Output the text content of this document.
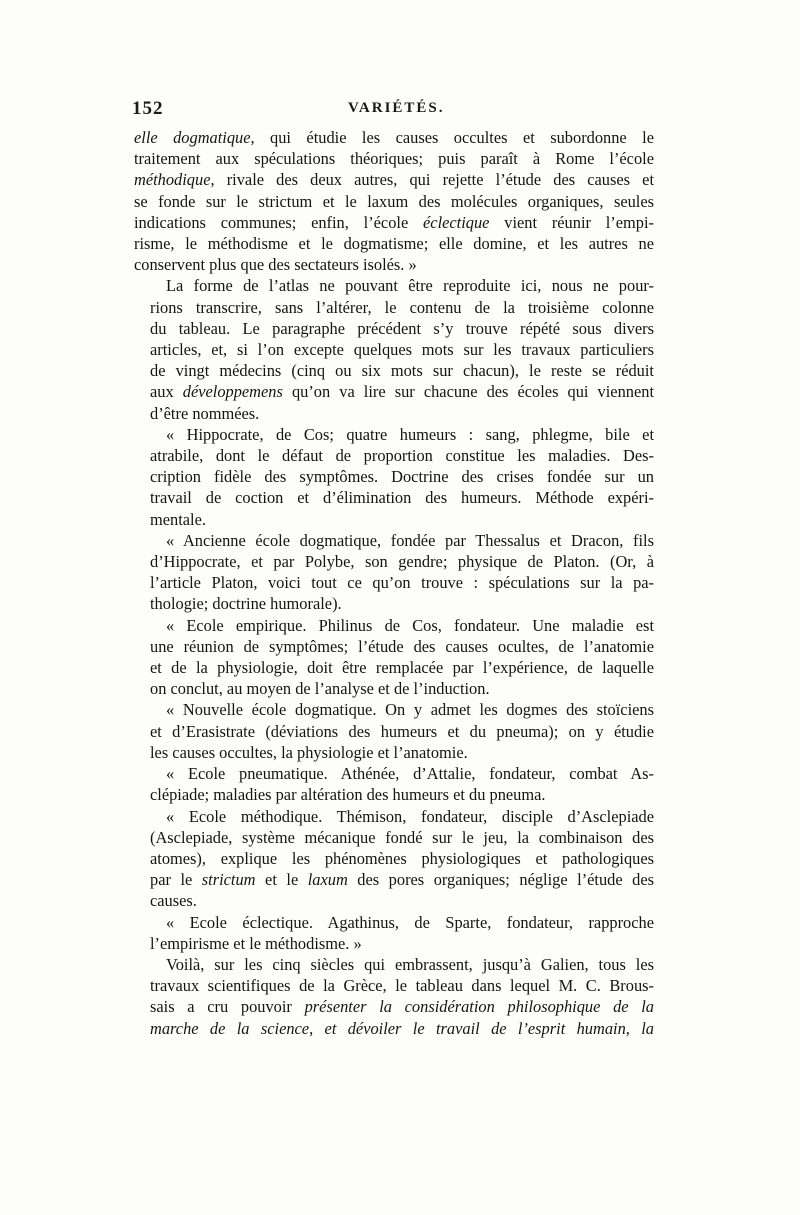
152	VARIÉTÉS.
elle dogmatique, qui étudie les causes occultes et subordonne le
traitement aux spéculations théoriques; puis paraît à Rome l’école
méthodique, rivale des deux autres, qui rejette l’étude des causes et
se fonde sur le strictum et le laxum des molécules organiques, seules
indications communes; enfin, l’école éclectique vient réunir l’empi-
risme, le méthodisme et le dogmatisme; elle domine, et les autres ne
conservent plus que des sectateurs isolés. »
La forme de l’atlas ne pouvant être reproduite ici, nous ne pour-
rions transcrire, sans l’altérer, le contenu de la troisième colonne
du tableau. Le paragraphe précédent s’y trouve répété sous divers
articles, et, si l’on excepte quelques mots sur les travaux particuliers
de vingt médecins (cinq ou six mots sur chacun), le reste se réduit
aux développemens qu’on va lire sur chacune des écoles qui viennent
d’être nommées.
« Hippocrate, de Cos; quatre humeurs : sang, phlegme, bile et
atrabile, dont le défaut de proportion constitue les maladies. Des-
cription fidèle des symptômes. Doctrine des crises fondée sur un
travail de coction et d’élimination des humeurs. Méthode expéri-
mentale.
« Ancienne école dogmatique, fondée par Thessalus et Dracon, fils
d’Hippocrate, et par Polybe, son gendre; physique de Platon. (Or, à
l’article Platon, voici tout ce qu’on trouve : spéculations sur la pa-
thologie; doctrine humorale).
« Ecole empirique. Philinus de Cos, fondateur. Une maladie est
une réunion de symptômes; l’étude des causes ocultes, de l’anatomie
et de la physiologie, doit être remplacée par l’expérience, de laquelle
on conclut, au moyen de l’analyse et de l’induction.
« Nouvelle école dogmatique. On y admet les dogmes des stoïciens
et d’Erasistrate (déviations des humeurs et du pneuma); on y étudie
les causes occultes, la physiologie et l’anatomie.
« Ecole pneumatique. Athénée, d’Attalie, fondateur, combat As-
clépiade; maladies par altération des humeurs et du pneuma.
« Ecole méthodique. Thémison, fondateur, disciple d’Asclepiade
(Asclepiade, système mécanique fondé sur le jeu, la combinaison des
atomes), explique les phénomènes physiologiques et pathologiques
par le strictum et le laxum des pores organiques; néglige l’étude des
causes.
« Ecole éclectique. Agathinus, de Sparte, fondateur, rapproche
l’empirisme et le méthodisme. »
Voilà, sur les cinq siècles qui embrassent, jusqu’à Galien, tous les
travaux scientifiques de la Grèce, le tableau dans lequel M. C. Brous-
sais a cru pouvoir présenter la considération philosophique de la
marche de la science, et dévoiler le travail de l’esprit humain, la
